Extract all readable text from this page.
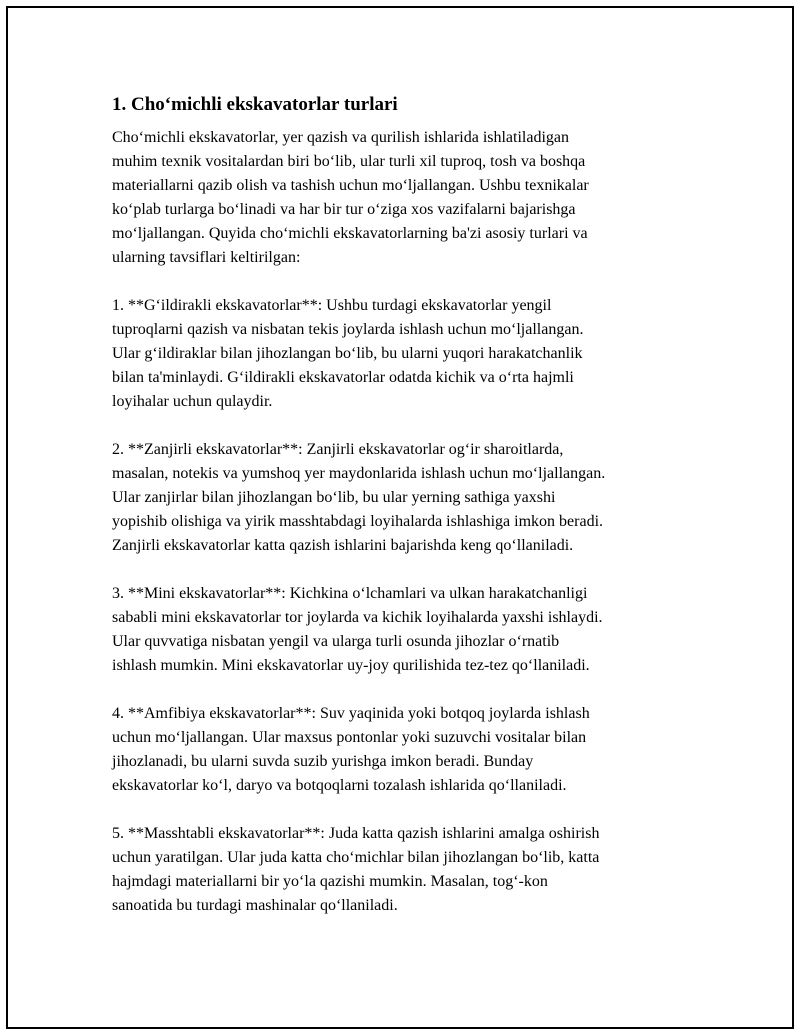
1. Cho‘michli ekskavatorlar turlari

Cho‘michli ekskavatorlar, yer qazish va qurilish ishlarida ishlatiladigan
muhim texnik vositalardan biri bo‘lib, ular turli xil tuproq, tosh va boshqa
materiallarni qazib olish va tashish uchun mo‘ljallangan. Ushbu texnikalar
ko‘plab turlarga bo‘linadi va har bir tur o‘ziga xos vazifalarni bajarishga
mo‘ljallangan. Quyida cho‘michli ekskavatorlarning ba'zi asosiy turlari va
ularning tavsiflari keltirilgan:

1. **G‘ildirakli ekskavatorlar**: Ushbu turdagi ekskavatorlar yengil
tuproqlarni qazish va nisbatan tekis joylarda ishlash uchun mo‘ljallangan.
Ular g‘ildiraklar bilan jihozlangan bo‘lib, bu ularni yuqori harakatchanlik
bilan ta'minlaydi. G‘ildirakli ekskavatorlar odatda kichik va o‘rta hajmli
loyihalar uchun qulaydir.

2. **Zanjirli ekskavatorlar**: Zanjirli ekskavatorlar og‘ir sharoitlarda,
masalan, notekis va yumshoq yer maydonlarida ishlash uchun mo‘ljallangan.
Ular zanjirlar bilan jihozlangan bo‘lib, bu ular yerning sathiga yaxshi
yopishib olishiga va yirik masshtabdagi loyihalarda ishlashiga imkon beradi.
Zanjirli ekskavatorlar katta qazish ishlarini bajarishda keng qo‘llaniladi.

3. **Mini ekskavatorlar**: Kichkina o‘lchamlari va ulkan harakatchanligi
sababli mini ekskavatorlar tor joylarda va kichik loyihalarda yaxshi ishlaydi.
Ular quvvatiga nisbatan yengil va ularga turli osunda jihozlar o‘rnatib
ishlash mumkin. Mini ekskavatorlar uy-joy qurilishida tez-tez qo‘llaniladi.

4. **Amfibiya ekskavatorlar**: Suv yaqinida yoki botqoq joylarda ishlash
uchun mo‘ljallangan. Ular maxsus pontonlar yoki suzuvchi vositalar bilan
jihozlanadi, bu ularni suvda suzib yurishga imkon beradi. Bunday
ekskavatorlar ko‘l, daryo va botqoqlarni tozalash ishlarida qo‘llaniladi.

5. **Masshtabli ekskavatorlar**: Juda katta qazish ishlarini amalga oshirish
uchun yaratilgan. Ular juda katta cho‘michlar bilan jihozlangan bo‘lib, katta
hajmdagi materiallarni bir yo‘la qazishi mumkin. Masalan, tog‘-kon
sanoatida bu turdagi mashinalar qo‘llaniladi.
